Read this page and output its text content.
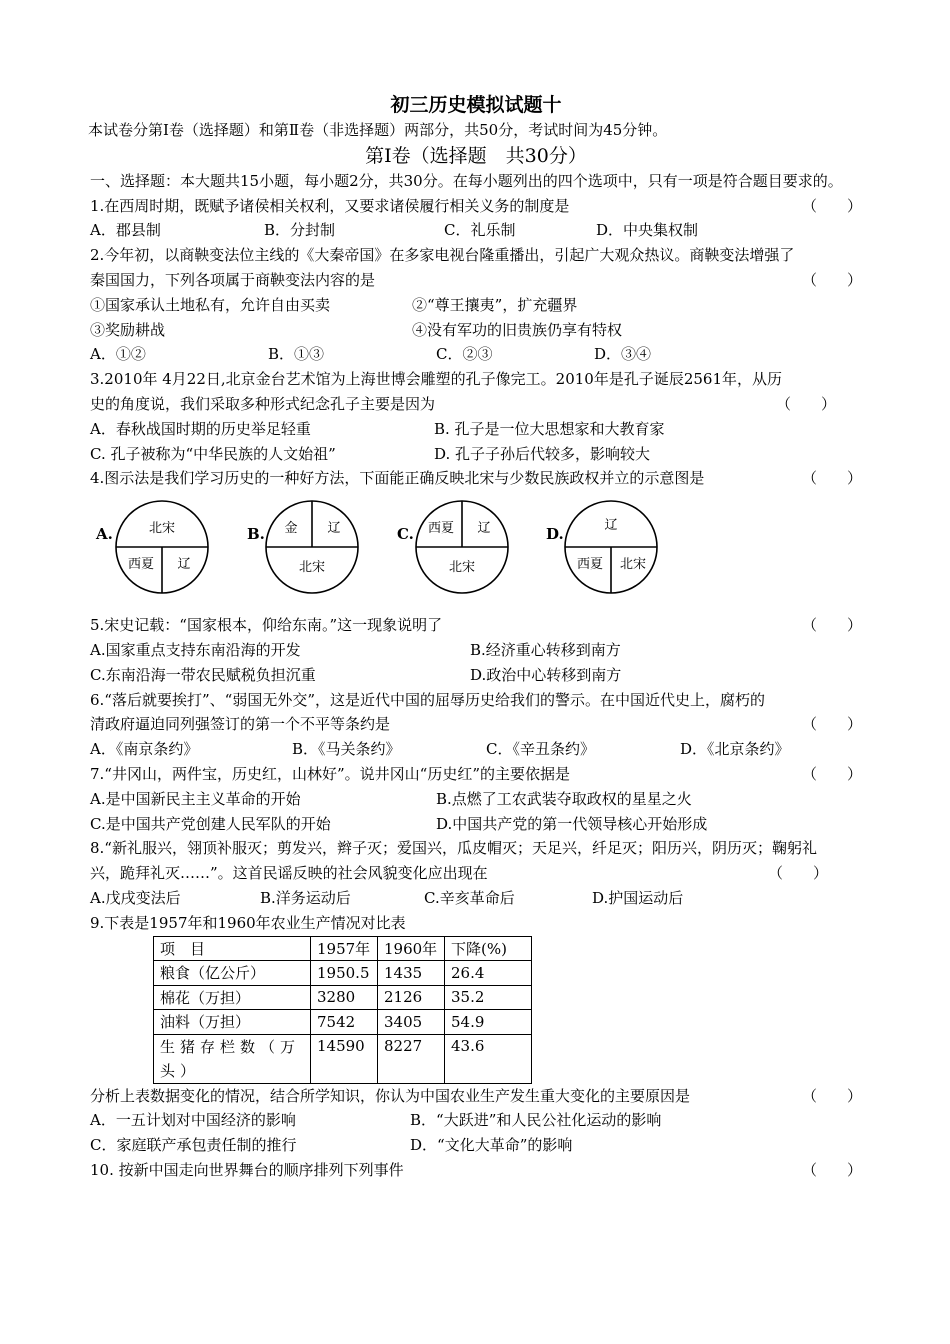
初三历史模拟试题十
本试卷分第Ⅰ卷（选择题）和第Ⅱ卷（非选择题）两部分，共50分，考试时间为45分钟。
第Ⅰ卷（选择题　共30分）
一、选择题：本大题共15小题，每小题2分，共30分。在每小题列出的四个选项中，只有一项是符合题目要求的。
1.在西周时期，既赋予诸侯相关权利，又要求诸侯履行相关义务的制度是	（　　）
A．郡县制	B．分封制	C．礼乐制	D．中央集权制
2.今年初，以商鞅变法位主线的《大秦帝国》在多家电视台隆重播出，引起广大观众热议。商鞅变法增强了
秦国国力，下列各项属于商鞅变法内容的是	（　　）
①国家承认土地私有，允许自由买卖	②“尊王攘夷”，扩充疆界
③奖励耕战	④没有军功的旧贵族仍享有特权
A．①②	B．①③	C．②③	D．③④
3.2010年 4月22日,北京金台艺术馆为上海世博会雕塑的孔子像完工。2010年是孔子诞辰2561年，从历
史的角度说，我们采取多种形式纪念孔子主要是因为	（　　）
A．春秋战国时期的历史举足轻重	B. 孔子是一位大思想家和大教育家
C. 孔子被称为“中华民族的人文始祖”	D. 孔子子孙后代较多，影响较大
4.图示法是我们学习历史的一种好方法，下面能正确反映北宋与少数民族政权并立的示意图是	（　　）
A.	北宋
西夏 辽
B. 金 辽
北宋
C. 西夏 辽
北宋
D.	辽
西夏 北宋
5.宋史记载：“国家根本，仰给东南。”这一现象说明了	（　　）
A.国家重点支持东南沿海的开发	B.经济重心转移到南方
C.东南沿海一带农民赋税负担沉重	D.政治中心转移到南方
6.“落后就要挨打”、“弱国无外交”，这是近代中国的屈辱历史给我们的警示。在中国近代史上，腐朽的
清政府逼迫同列强签订的第一个不平等条约是	（　　）
A．《南京条约》	B．《马关条约》	C．《辛丑条约》	D．《北京条约》
7.“井冈山，两件宝，历史红，山林好”。说井冈山“历史红”的主要依据是	（　　）
A.是中国新民主主义革命的开始	B.点燃了工农武装夺取政权的星星之火
C.是中国共产党创建人民军队的开始	D.中国共产党的第一代领导核心开始形成
8.“新礼服兴，翎顶补服灭；剪发兴，辫子灭；爱国兴，瓜皮帽灭；天足兴，纤足灭；阳历兴，阴历灭；鞠躬礼
兴，跪拜礼灭……”。这首民谣反映的社会风貌变化应出现在	（　　）
A.戊戌变法后	B.洋务运动后	C.辛亥革命后	D.护国运动后
9.下表是1957年和1960年农业生产情况对比表
项　目	1957年	1960年	下降(%)
粮食（亿公斤）	1950.5	1435	26.4
棉花（万担）	3280	2126	35.2
油料（万担）	7542	3405	54.9
生猪存栏数（万头）	14590	8227	43.6
分析上表数据变化的情况，结合所学知识，你认为中国农业生产发生重大变化的主要原因是	（　　）
A．一五计划对中国经济的影响	B．“大跃进”和人民公社化运动的影响
C．家庭联产承包责任制的推行	D．“文化大革命”的影响
10. 按新中国走向世界舞台的顺序排列下列事件	（　　）
